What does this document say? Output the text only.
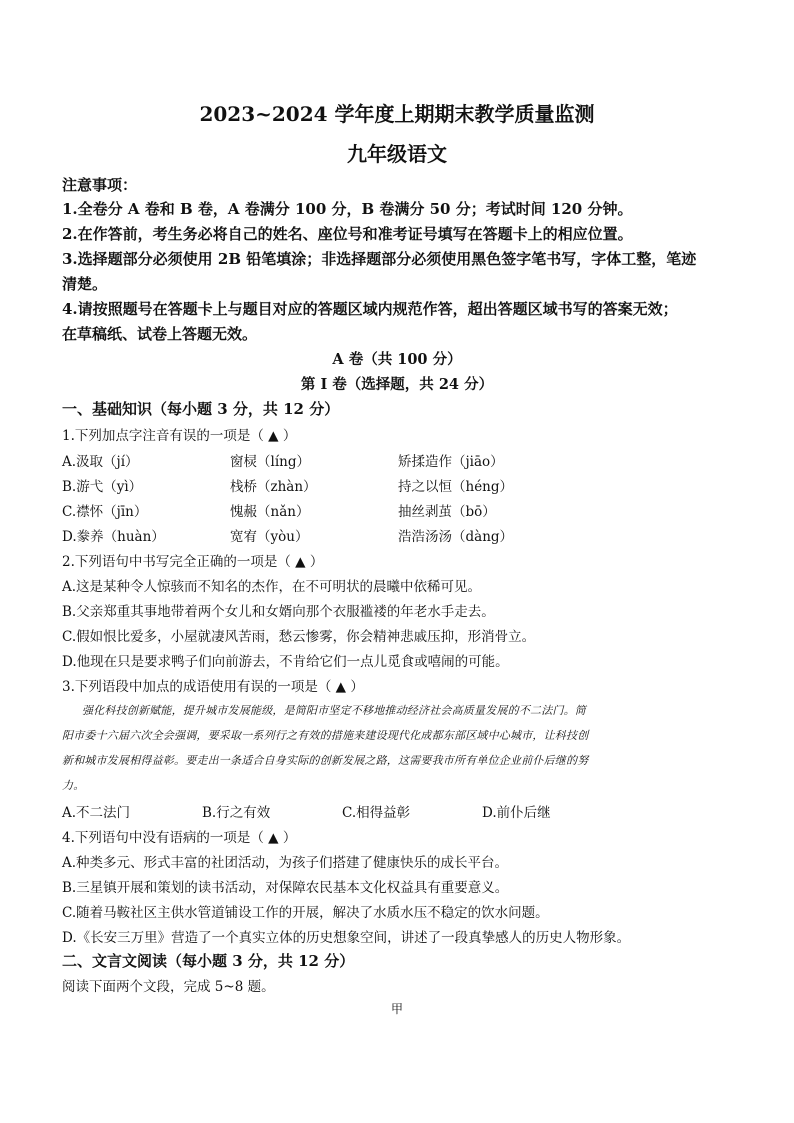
2023~2024 学年度上期期末教学质量监测
九年级语文
注意事项：
1.全卷分 A 卷和 B 卷，A 卷满分 100 分，B 卷满分 50 分；考试时间 120 分钟。
2.在作答前，考生务必将自己的姓名、座位号和准考证号填写在答题卡上的相应位置。
3.选择题部分必须使用 2B 铅笔填涂；非选择题部分必须使用黑色签字笔书写，字体工整，笔迹
清楚。
4.请按照题号在答题卡上与题目对应的答题区域内规范作答，超出答题区域书写的答案无效；
在草稿纸、试卷上答题无效。
A 卷（共 100 分）
第 I 卷（选择题，共 24 分）
一、基础知识（每小题 3 分，共 12 分）
1.下列加点字注音有误的一项是（ ▲ ）
A.汲取（jí）	窗棂（líng）	矫揉造作（jiāo）
B.游弋（yì）	栈桥（zhàn）	持之以恒（héng）
C.襟怀（jīn）	愧赧（nǎn）	抽丝剥茧（bō）
D.豢养（huàn）	宽宥（yòu）	浩浩汤汤（dàng）
2.下列语句中书写完全正确的一项是（ ▲ ）
A.这是某种令人惊骇而不知名的杰作，在不可明状的晨曦中依稀可见。
B.父亲郑重其事地带着两个女儿和女婿向那个衣服褴褛的年老水手走去。
C.假如恨比爱多，小屋就凄风苦雨，愁云惨雾，你会精神悲戚压抑，形消骨立。
D.他现在只是要求鸭子们向前游去，不肯给它们一点儿觅食或嘻闹的可能。
3.下列语段中加点的成语使用有误的一项是（ ▲ ）
强化科技创新赋能，提升城市发展能级，是简阳市坚定不移地推动经济社会高质量发展的不二法门。简
阳市委十六届六次全会强调，要采取一系列行之有效的措施来建设现代化成都东部区域中心城市，让科技创
新和城市发展相得益彰。要走出一条适合自身实际的创新发展之路，这需要我市所有单位企业前仆后继的努
力。
A.不二法门	B.行之有效	C.相得益彰	D.前仆后继
4.下列语句中没有语病的一项是（ ▲ ）
A.种类多元、形式丰富的社团活动，为孩子们搭建了健康快乐的成长平台。
B.三星镇开展和策划的读书活动，对保障农民基本文化权益具有重要意义。
C.随着马鞍社区主供水管道铺设工作的开展，解决了水质水压不稳定的饮水问题。
D.《长安三万里》营造了一个真实立体的历史想象空间，讲述了一段真挚感人的历史人物形象。
二、文言文阅读（每小题 3 分，共 12 分）
阅读下面两个文段，完成 5~8 题。
甲
